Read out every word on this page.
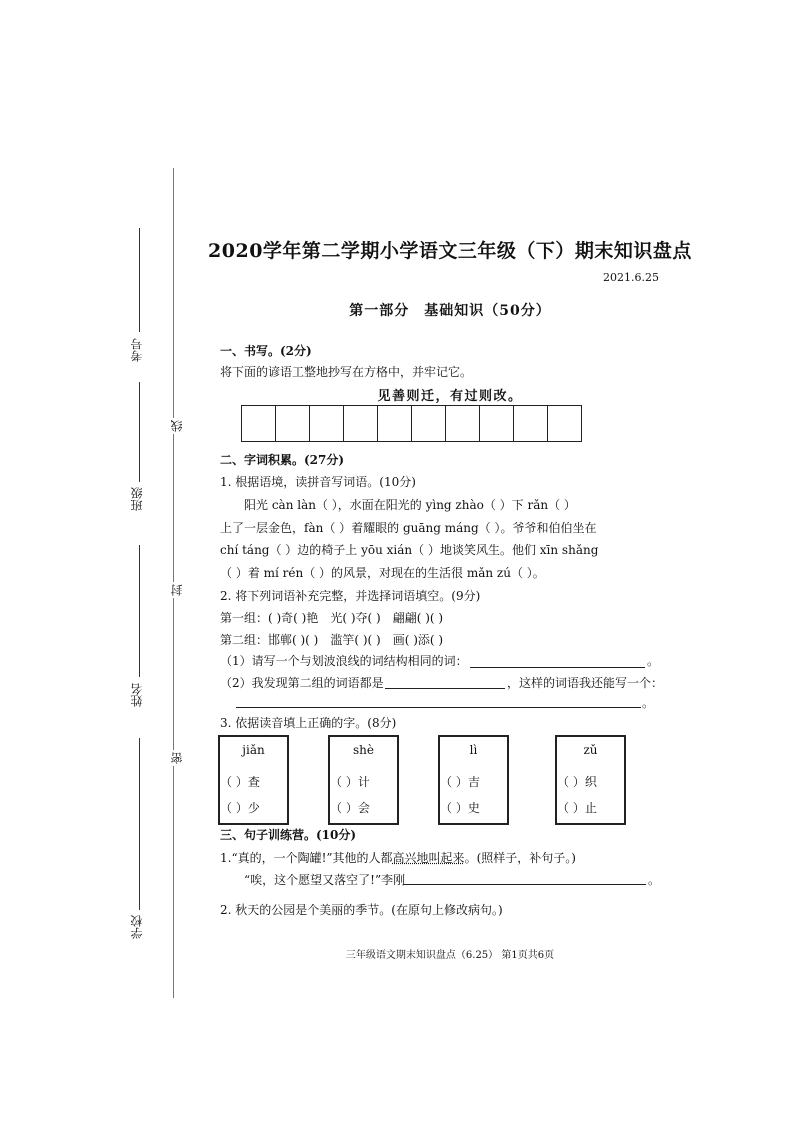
考号
班级
姓名
学校
线
封
密
2020学年第二学期小学语文三年级（下）期末知识盘点
2021.6.25
第一部分　基础知识（50分）
一、书写。(2分)
将下面的谚语工整地抄写在方格中，并牢记它。
见善则迁，有过则改。
二、字词积累。(27分)
1. 根据语境，读拼音写词语。(10分)
阳光 càn làn（ ），水面在阳光的 yìng zhào（ ）下 rǎn（ ）
上了一层金色，fàn（ ）着耀眼的 guāng máng（ ）。爷爷和伯伯坐在
chí táng（ ）边的椅子上 yōu xián（ ）地谈笑风生。他们 xīn shǎng
（ ）着 mí rén（ ）的风景，对现在的生活很 mǎn zú（ ）。
2. 将下列词语补充完整，并选择词语填空。(9分)
第一组：( )奇( )艳　光( )夺( )　翩翩( )( )
第二组：邯郸( )( )　滥竽( )( )　画( )添( )
（1）请写一个与划波浪线的词结构相同的词：	。
（2）我发现第二组的词语都是	，这样的词语我还能写一个：
。
3. 依据读音填上正确的字。(8分)
jiǎn
（ ）查
（ ）少
shè
（ ）计
（ ）会
lì
（ ）吉
（ ）史
zǔ
（ ）织
（ ）止
三、句子训练营。(10分)
1.“真的，一个陶罐!”其他的人都高兴地叫起来。(照样子，补句子。)
“唉，这个愿望又落空了!”李刚	。
2. 秋天的公园是个美丽的季节。(在原句上修改病句。)
三年级语文期末知识盘点（6.25） 第1页共6页
